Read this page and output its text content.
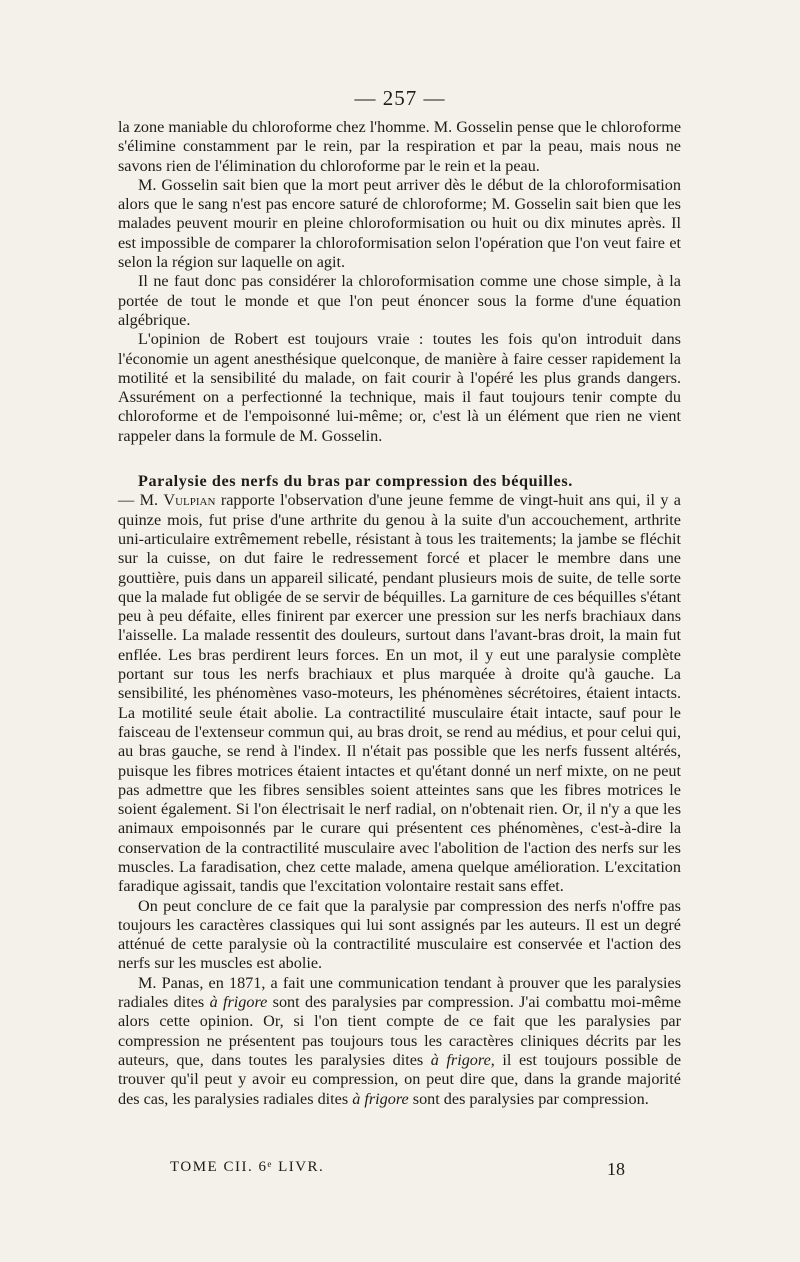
— 257 —

la zone maniable du chloroforme chez l'homme. M. Gosselin pense que le chloroforme s'élimine constamment par le rein, par la respiration et par la peau, mais nous ne savons rien de l'élimination du chloroforme par le rein et la peau.

M. Gosselin sait bien que la mort peut arriver dès le début de la chloroformisation alors que le sang n'est pas encore saturé de chloroforme; M. Gosselin sait bien que les malades peuvent mourir en pleine chloroformisation ou huit ou dix minutes après. Il est impossible de comparer la chloroformisation selon l'opération que l'on veut faire et selon la région sur laquelle on agit.

Il ne faut donc pas considérer la chloroformisation comme une chose simple, à la portée de tout le monde et que l'on peut énoncer sous la forme d'une équation algébrique.

L'opinion de Robert est toujours vraie : toutes les fois qu'on introduit dans l'économie un agent anesthésique quelconque, de manière à faire cesser rapidement la motilité et la sensibilité du malade, on fait courir à l'opéré les plus grands dangers. Assurément on a perfectionné la technique, mais il faut toujours tenir compte du chloroforme et de l'empoisonné lui-même; or, c'est là un élément que rien ne vient rappeler dans la formule de M. Gosselin.

Paralysie des nerfs du bras par compression des béquilles.
— M. Vulpian rapporte l'observation d'une jeune femme de vingt-huit ans qui, il y a quinze mois, fut prise d'une arthrite du genou à la suite d'un accouchement, arthrite uni-articulaire extrêmement rebelle, résistant à tous les traitements; la jambe se fléchit sur la cuisse, on dut faire le redressement forcé et placer le membre dans une gouttière, puis dans un appareil silicaté, pendant plusieurs mois de suite, de telle sorte que la malade fut obligée de se servir de béquilles. La garniture de ces béquilles s'étant peu à peu défaite, elles finirent par exercer une pression sur les nerfs brachiaux dans l'aisselle. La malade ressentit des douleurs, surtout dans l'avant-bras droit, la main fut enflée. Les bras perdirent leurs forces. En un mot, il y eut une paralysie complète portant sur tous les nerfs brachiaux et plus marquée à droite qu'à gauche. La sensibilité, les phénomènes vaso-moteurs, les phénomènes sécrétoires, étaient intacts. La motilité seule était abolie. La contractilité musculaire était intacte, sauf pour le faisceau de l'extenseur commun qui, au bras droit, se rend au médius, et pour celui qui, au bras gauche, se rend à l'index. Il n'était pas possible que les nerfs fussent altérés, puisque les fibres motrices étaient intactes et qu'étant donné un nerf mixte, on ne peut pas admettre que les fibres sensibles soient atteintes sans que les fibres motrices le soient également. Si l'on électrisait le nerf radial, on n'obtenait rien. Or, il n'y a que les animaux empoisonnés par le curare qui présentent ces phénomènes, c'est-à-dire la conservation de la contractilité musculaire avec l'abolition de l'action des nerfs sur les muscles. La faradisation, chez cette malade, amena quelque amélioration. L'excitation faradique agissait, tandis que l'excitation volontaire restait sans effet.

On peut conclure de ce fait que la paralysie par compression des nerfs n'offre pas toujours les caractères classiques qui lui sont assignés par les auteurs. Il est un degré atténué de cette paralysie où la contractilité musculaire est conservée et l'action des nerfs sur les muscles est abolie.

M. Panas, en 1871, a fait une communication tendant à prouver que les paralysies radiales dites à frigore sont des paralysies par compression. J'ai combattu moi-même alors cette opinion. Or, si l'on tient compte de ce fait que les paralysies par compression ne présentent pas toujours tous les caractères cliniques décrits par les auteurs, que, dans toutes les paralysies dites à frigore, il est toujours possible de trouver qu'il peut y avoir eu compression, on peut dire que, dans la grande majorité des cas, les paralysies radiales dites à frigore sont des paralysies par compression.

TOME CII. 6ᵉ LIVR.	18
